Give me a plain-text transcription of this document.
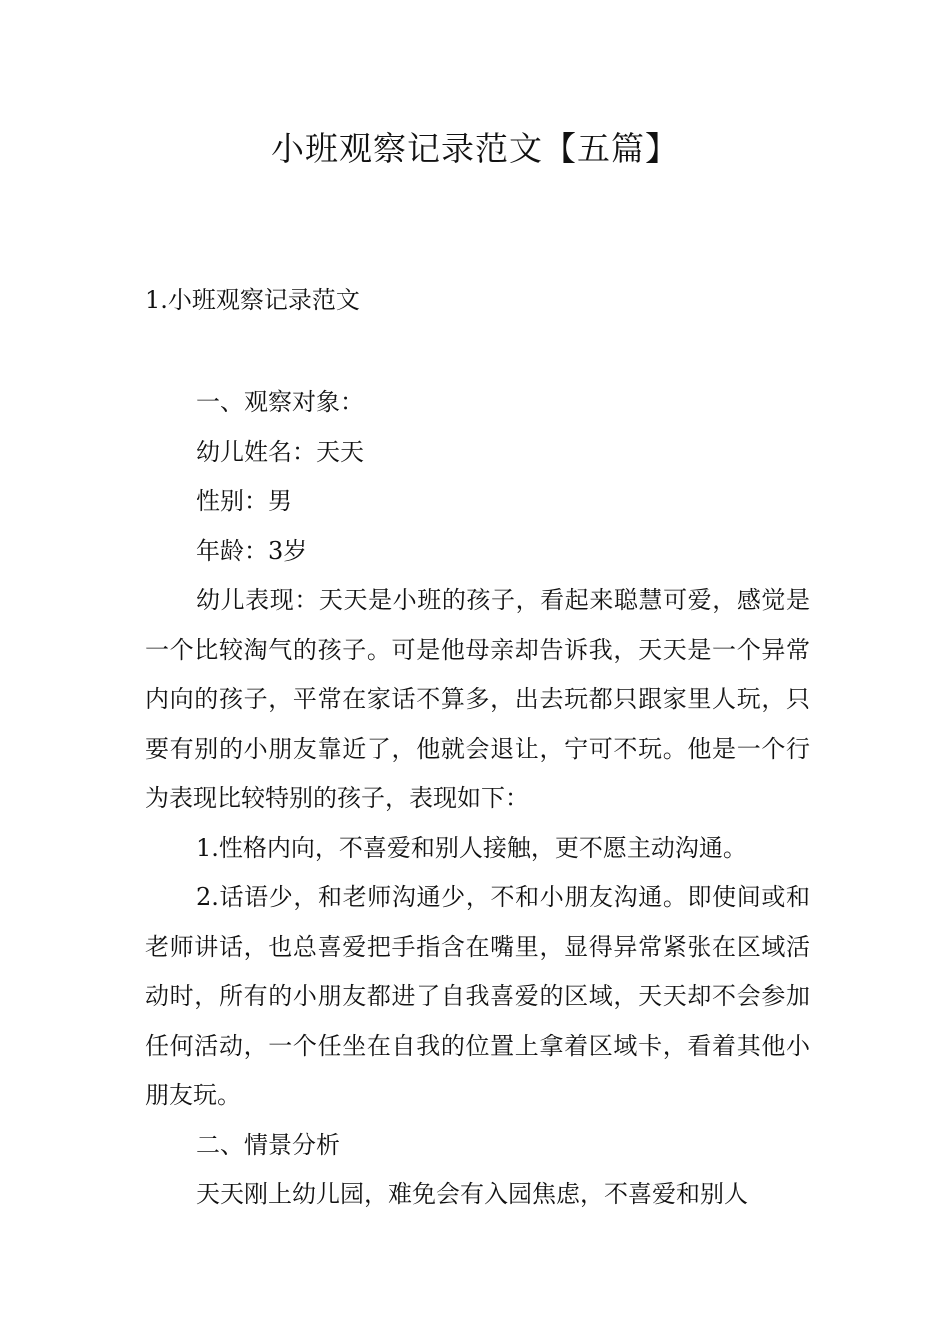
小班观察记录范文【五篇】
1.小班观察记录范文

一、观察对象：

幼儿姓名：天天

性别：男

年龄：3岁

幼儿表现：天天是小班的孩子，看起来聪慧可爱，感觉是一个比较淘气的孩子。可是他母亲却告诉我，天天是一个异常内向的孩子，平常在家话不算多，出去玩都只跟家里人玩，只要有别的小朋友靠近了，他就会退让，宁可不玩。他是一个行为表现比较特别的孩子，表现如下：

1.性格内向，不喜爱和别人接触，更不愿主动沟通。

2.话语少，和老师沟通少，不和小朋友沟通。即使间或和老师讲话，也总喜爱把手指含在嘴里，显得异常紧张在区域活动时，所有的小朋友都进了自我喜爱的区域，天天却不会参加任何活动，一个任坐在自我的位置上拿着区域卡，看着其他小朋友玩。

二、情景分析

天天刚上幼儿园，难免会有入园焦虑，不喜爱和别人
